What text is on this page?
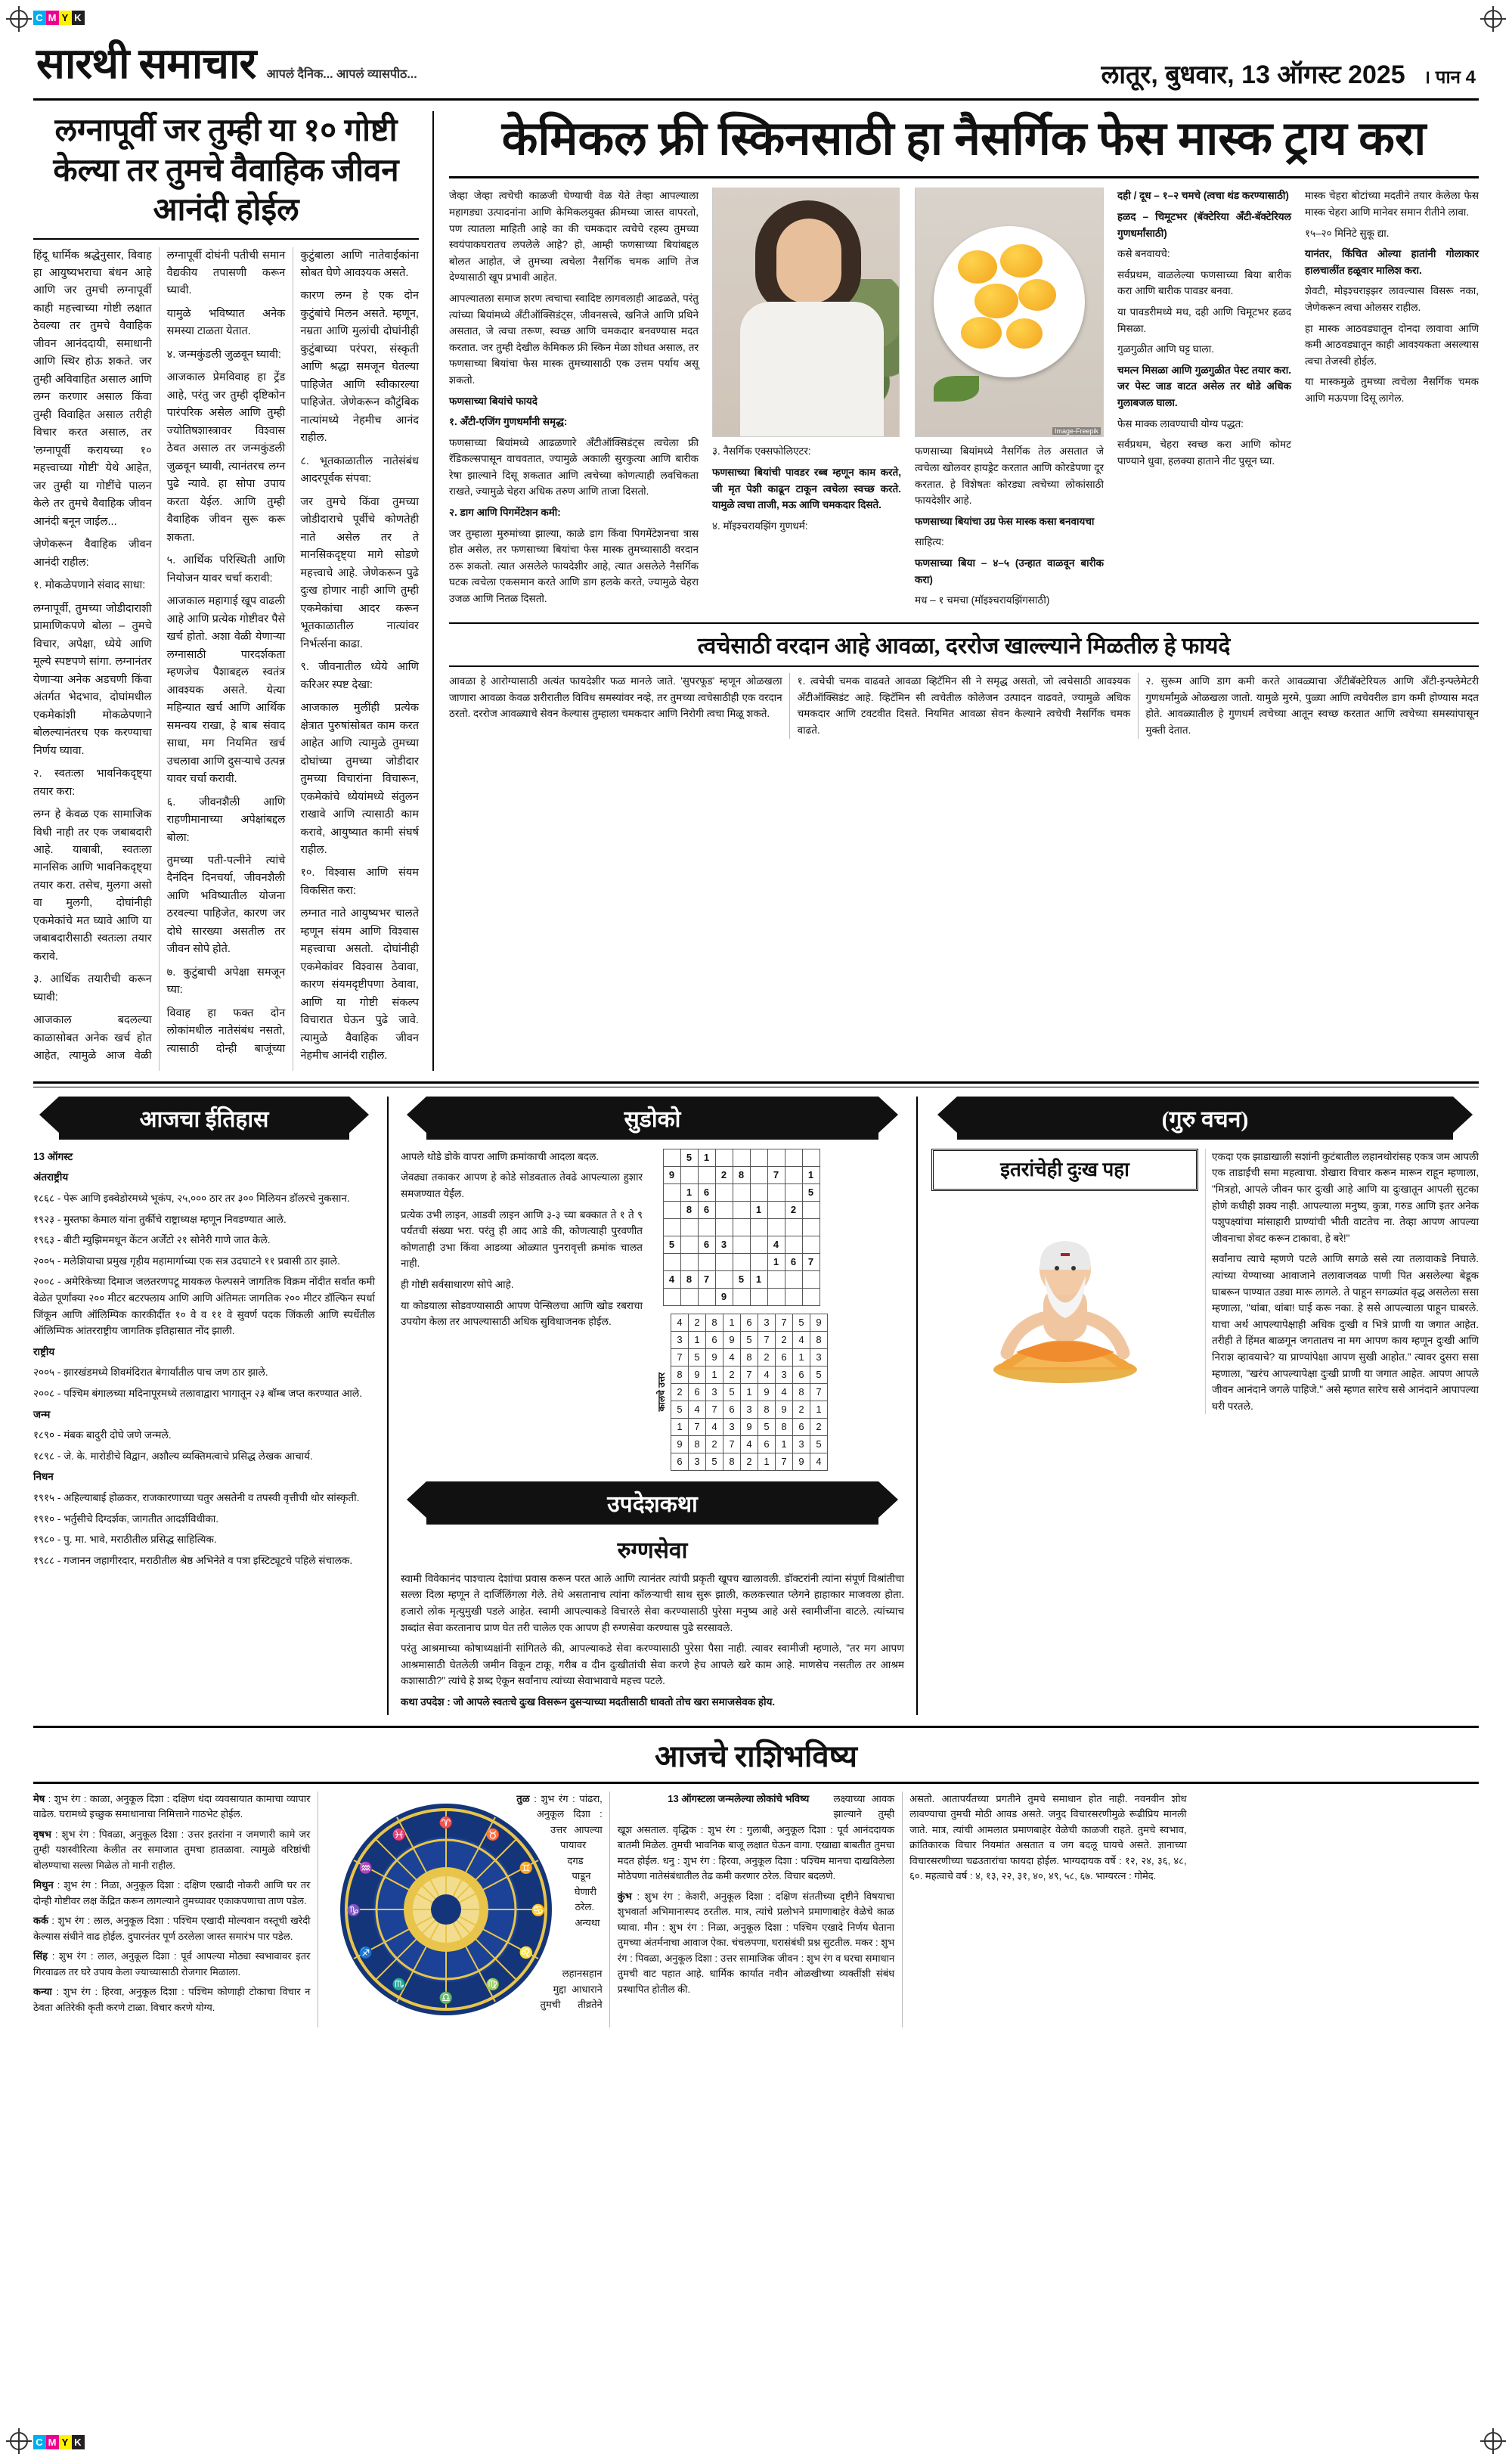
C M Y K
C M Y K
सारथी समाचार आपलं दैनिक... आपलं व्यासपीठ...	लातूर, बुधवार, 13 ऑगस्ट 2025 । पान 4
लग्नापूर्वी जर तुम्ही या १० गोष्टी केल्या तर तुमचे वैवाहिक जीवन आनंदी होईल

हिंदू धार्मिक श्रद्धेनुसार, विवाह हा आयुष्यभराचा बंधन आहे आणि जर तुमची लग्नापूर्वी काही महत्त्वाच्या गोष्टी लक्षात ठेवल्या तर तुमचे वैवाहिक जीवन आनंददायी, समाधानी आणि स्थिर होऊ शकते. जर तुम्ही अविवाहित असाल आणि लग्न करणार असाल किंवा तुम्ही विवाहित असाल तरीही विचार करत असाल, तर 'लग्नापूर्वी करायच्या १० महत्त्वाच्या गोष्टी' येथे आहेत, जर तुम्ही या गोष्टींचे पालन केले तर तुमचे वैवाहिक जीवन आनंदी बनून जाईल...

जेणेकरून वैवाहिक जीवन आनंदी राहील:

१. मोकळेपणाने संवाद साधा:

लग्नापूर्वी, तुमच्या जोडीदाराशी प्रामाणिकपणे बोला – तुमचे विचार, अपेक्षा, ध्येये आणि मूल्ये स्पष्टपणे सांगा. लग्नानंतर येणाऱ्या अनेक अडचणी किंवा अंतर्गत भेदभाव, दोघांमधील एकमेकांशी मोकळेपणाने बोलल्यानंतरच एक करण्याचा निर्णय घ्यावा.

२. स्वतःला भावनिकदृष्ट्या तयार करा:

लग्न हे केवळ एक सामाजिक विधी नाही तर एक जबाबदारी आहे. याबाबी, स्वतःला मानसिक आणि भावनिकदृष्ट्या तयार करा. तसेच, मुलगा असो वा मुलगी, दोघांनीही एकमेकांचे मत घ्यावे आणि या जबाबदारीसाठी स्वतःला तयार करावे.

३. आर्थिक तयारीची करून घ्यावी:

आजकाल बदलल्या काळासोबत अनेक खर्च होत आहेत, त्यामुळे आज वेळी लग्नापूर्वी दोघंनी पतीची समान वैद्यकीय तपासणी करून घ्यावी.

यामुळे भविष्यात अनेक समस्या टाळता येतात.

४. जन्मकुंडली जुळवून घ्यावी:

आजकाल प्रेमविवाह हा ट्रेंड आहे, परंतु जर तुम्ही दृष्टिकोन पारंपरिक असेल आणि तुम्ही ज्योतिषशास्त्रावर विश्वास ठेवत असाल तर जन्मकुंडली जुळवून घ्यावी, त्यानंतरच लग्न पुढे न्यावे. हा सोपा उपाय करता येईल. आणि तुम्ही वैवाहिक जीवन सुरू करू शकता.

५. आर्थिक परिस्थिती आणि नियोजन यावर चर्चा करावी:

आजकाल महागाई खूप वाढली आहे आणि प्रत्येक गोष्टीवर पैसे खर्च होतो. अशा वेळी येणाऱ्या लग्नासाठी पारदर्शकता म्हणजेच पैशाबद्दल स्वतंत्र आवश्यक असते. येत्या महिन्यात खर्च आणि आर्थिक समन्वय राखा, हे बाब संवाद साधा, मग नियमित खर्च उचलावा आणि दुसऱ्याचे उत्पन्न यावर चर्चा करावी.

६. जीवनशैली आणि राहणीमानाच्या अपेक्षांबद्दल बोला:

तुमच्या पती-पत्नीने त्यांचे दैनंदिन दिनचर्या, जीवनशैली आणि भविष्यातील योजना ठरवल्या पाहिजेत, कारण जर दोघे सारख्या असतील तर जीवन सोपे होते.

७. कुटुंबाची अपेक्षा समजून घ्या:

विवाह हा फक्त दोन लोकांमधील नातेसंबंध नसतो, त्यासाठी दोन्ही बाजूंच्या कुटुंबाला आणि नातेवाईकांना सोबत घेणे आवश्यक असते.

कारण लग्न हे एक दोन कुटुंबांचे मिलन असते. म्हणून, नम्रता आणि मुलांची दोघांनीही कुटुंबाच्या परंपरा, संस्कृती आणि श्रद्धा समजून घेतल्या पाहिजेत आणि स्वीकारल्या पाहिजेत. जेणेकरून कौटुंबिक नात्यांमध्ये नेहमीच आनंद राहील.

८. भूतकाळातील नातेसंबंध आदरपूर्वक संपवा:

जर तुमचे किंवा तुमच्या जोडीदाराचे पूर्वीचे कोणतेही नाते असेल तर ते मानसिकदृष्ट्या मागे सोडणे महत्त्वाचे आहे. जेणेकरून पुढे दुःख होणार नाही आणि तुम्ही एकमेकांचा आदर करून भूतकाळातील नात्यांवर निर्भर्त्सना काढा.

९. जीवनातील ध्येये आणि करिअर स्पष्ट देखा:

आजकाल मुलींही प्रत्येक क्षेत्रात पुरुषांसोबत काम करत आहेत आणि त्यामुळे तुमच्या दोघांच्या तुमच्या जोडीदार तुमच्या विचारांना विचारून, एकमेकांचे ध्येयांमध्ये संतुलन राखावे आणि त्यासाठी काम करावे, आयुष्यात कामी संघर्ष राहील.

१०. विश्वास आणि संयम विकसित करा:

लग्नात नाते आयुष्यभर चालते म्हणून संयम आणि विश्वास महत्त्वाचा असतो. दोघांनीही एकमेकांवर विश्वास ठेवावा, कारण संयमदृष्टीपणा ठेवावा, आणि या गोष्टी संकल्प विचारात घेऊन पुढे जावे. त्यामुळे वैवाहिक जीवन नेहमीच आनंदी राहील.

केमिकल फ्री स्किनसाठी हा नैसर्गिक फेस मास्क ट्राय करा

जेव्हा जेव्हा त्वचेची काळजी घेण्याची वेळ येते तेव्हा आपल्याला महागड्या उत्पादनांना आणि केमिकलयुक्त क्रीमच्या जास्त वापरतो, पण त्यातला माहिती आहे का की चमकदार त्वचेचे रहस्य तुमच्या स्वयंपाकघरातच लपलेले आहे? हो, आम्ही फणसाच्या बियांबद्दल बोलत आहोत, जे तुमच्या त्वचेला नैसर्गिक चमक आणि तेज देण्यासाठी खूप प्रभावी आहेत.

आपल्यातला समाज शरण त्वचाचा स्वादिष्ट लागवलाही आढळते, परंतु त्यांच्या बियांमध्ये अँटीऑक्सिडंट्स, जीवनसत्त्वे, खनिजे आणि प्रथिने असतात, जे त्वचा तरूण, स्वच्छ आणि चमकदार बनवण्यास मदत करतात. जर तुम्ही देखील केमिकल फ्री स्किन मेळा शोधत असाल, तर फणसाच्या बियांचा फेस मास्क तुमच्यासाठी एक उत्तम पर्याय असू शकतो.

फणसाच्या बियांचे फायदे

१. अँटी-एजिंग गुणधर्मांनी समृद्ध:

फणसाच्या बियांमध्ये आढळणारे अँटीऑक्सिडंट्स त्वचेला फ्री रॅडिकल्सपासून वाचवतात, ज्यामुळे अकाली सुरकुत्या आणि बारीक रेषा झाल्याने दिसू शकतात आणि त्वचेच्या कोणत्याही लवचिकता राखते, ज्यामुळे चेहरा अधिक तरुण आणि ताजा दिसतो.

२. डाग आणि पिगमेंटेशन कमी:

जर तुम्हाला मुरुमांच्या झाल्या, काळे डाग किंवा पिगमेंटेशनचा त्रास होत असेल, तर फणसाच्या बियांचा फेस मास्क तुमच्यासाठी वरदान ठरू शकतो. त्यात असलेले फायदेशीर आहे, त्यात असलेले नैसर्गिक घटक त्वचेला एकसमान करते आणि डाग हलके करते, ज्यामुळे चेहरा उजळ आणि नितळ दिसतो.

३. नैसर्गिक एक्सफोलिएटर:

फणसाच्या बियांची पावडर रब्ब म्हणून काम करते, जी मृत पेशी काढून टाकून त्वचेला स्वच्छ करते. यामुळे त्वचा ताजी, मऊ आणि चमकदार दिसते.

४. मॉइश्चरायझिंग गुणधर्म:

Image-Freepik

फणसाच्या बियांमध्ये नैसर्गिक तेल असतात जे त्वचेला खोलवर हायड्रेट करतात आणि कोरडेपणा दूर करतात. हे विशेषतः कोरड्या त्वचेच्या लोकांसाठी फायदेशीर आहे.

फणसाच्या बियांचा उग्र फेस मास्क कसा बनवायचा

साहित्य:

फणसाच्या बिया – ४–५ (उन्हात वाळवून बारीक करा)

मध – १ चमचा (मॉइश्चरायझिंगसाठी)

दही / दूध – १–२ चमचे (त्वचा थंड करण्यासाठी)

हळद – चिमूटभर (बॅक्टेरिया अँटी-बॅक्टेरियल गुणधर्मांसाठी)

कसे बनवायचे:

सर्वप्रथम, वाळलेल्या फणसाच्या बिया बारीक करा आणि बारीक पावडर बनवा.

या पावडरीमध्ये मध, दही आणि चिमूटभर हळद मिसळा.

गुळगुळीत आणि घट्ट घाला.

चमत्न मिसळा आणि गुळगुळीत पेस्ट तयार करा. जर पेस्ट जाड वाटत असेल तर थोडे अधिक गुलाबजल घाला.

फेस माक्क लावण्याची योग्य पद्धत:

सर्वप्रथम, चेहरा स्वच्छ करा आणि कोमट पाण्याने धुवा, हलक्या हाताने नीट पुसून घ्या.

मास्क चेहरा बोटांच्या मदतीने तयार केलेला फेस मास्क चेहरा आणि मानेवर समान रीतीने लावा.

१५–२० मिनिटे सुकू द्या.

यानंतर, किंचित ओल्या हातांनी गोलाकार हालचालींत हळूवार मालिश करा.

शेवटी, मोइश्चराइझर लावल्यास विसरू नका, जेणेकरून त्वचा ओलसर राहील.

हा मास्क आठवड्यातून दोनदा लावावा आणि कमी आठवड्यातून काही आवश्यकता असल्यास त्वचा तेजस्वी होईल.

या मास्कमुळे तुमच्या त्वचेला नैसर्गिक चमक आणि मऊपणा दिसू लागेल.

त्वचेसाठी वरदान आहे आवळा, दररोज खाल्ल्याने मिळतील हे फायदे

आवळा हे आरोग्यासाठी अत्यंत फायदेशीर फळ मानले जाते. 'सुपरफूड' म्हणून ओळखला जाणारा आवळा केवळ शरीरातील विविध समस्यांवर नव्हे, तर तुमच्या त्वचेसाठीही एक वरदान ठरतो. दररोज आवळ्याचे सेवन केल्यास तुम्हाला चमकदार आणि निरोगी त्वचा मिळू शकते.

१. त्वचेची चमक वाढवते आवळा व्हिटॅमिन सी ने समृद्ध असतो, जो त्वचेसाठी आवश्यक अँटीऑक्सिडंट आहे. व्हिटॅमिन सी त्वचेतील कोलेजन उत्पादन वाढवते, ज्यामुळे अधिक चमकदार आणि टवटवीत दिसते. नियमित आवळा सेवन केल्याने त्वचेची नैसर्गिक चमक वाढते.

२. सुरूम आणि डाग कमी करते आवळ्याचा अँटीबॅक्टेरियल आणि अँटी-इन्फ्लेमेटरी गुणधर्मांमुळे ओळखला जातो. यामुळे मुरमे, पुळ्या आणि त्वचेवरील डाग कमी होण्यास मदत होते. आवळ्यातील हे गुणधर्म त्वचेच्या आतून स्वच्छ करतात आणि त्वचेच्या समस्यांपासून मुक्ती देतात.

आजचा ईतिहास

13 ऑगस्ट

अंतराष्ट्रीय

१८६८ - पेरू आणि इक्वेडोरमध्ये भूकंप, २५,००० ठार तर ३०० मिलियन डॉलरचे नुकसान.

१९२३ - मुस्तफा केमाल यांना तुर्कीचे राष्ट्राध्यक्ष म्हणून निवडण्यात आले.

१९६३ - बीटी म्युझिममधून केंटन अर्जेंटो २१ सोनेरी गाणे जात केले.

२००५ - मलेशियाचा प्रमुख गृहीय महामार्गाच्या एक सत्र उदघाटने ११ प्रवासी ठार झाले.

२००८ - अमेरिकेच्या दिमाज जलतरणपटू मायकल फेल्पसने जागतिक विक्रम नोंदीत सर्वात कमी वेळेत पूर्णांक्या २०० मीटर बटरफ्लाय आणि आणि अंतिमतः जागतिक २०० मीटर डॉल्फिन स्पर्धा जिंकून आणि ऑलिम्पिक कारकीर्दीत १० वे व ११ वे सुवर्ण पदक जिंकली आणि स्पर्धेतील ऑलिम्पिक आंतरराष्ट्रीय जागतिक इतिहासात नोंद झाली.

राष्ट्रीय

२००५ - झारखंडमध्ये शिवमंदिरात बेगार्यांतील पाच जण ठार झाले.

२००८ - पश्चिम बंगालच्या मदिनापूरमध्ये तलावाद्वारा भागातून २३ बॉम्ब जप्त करण्यात आले.

जन्म

१८९० - मंबक बादुरी दोघे जणे जन्मले.

१८९८ - जे. के. मारोडीचे विद्वान, अशौल्य व्यक्तिमत्वाचे प्रसिद्ध लेखक आचार्य.

निधन

१९१५ - अहिल्याबाई होळकर, राजकारणाच्या चतुर असतेनी व तपस्वी वृत्तीची थोर सांस्कृती.

१९१० - भर्तुसीचे दिग्दर्शक, जागतीत आदर्शविधीका.

१९८० - पु. मा. भावे, मराठीतील प्रसिद्ध साहित्यिक.

१९८८ - गजानन जहागीरदार, मराठीतील श्रेष्ठ अभिनेते व पत्रा इस्टिट्यूटचे पहिले संचालक.

सुडोको

आपले थोडे डोके वापरा आणि क्रमांकाची आदला बदल.

जेवढ्या तकाकर आपण हे कोडे सोडवताल तेवढे आपल्याला हुशार समजण्यात येईल.

प्रत्येक उभी लाइन, आडवी लाइन आणि ३-३ च्या बक्कात ते १ ते ९ पर्यंतची संख्या भरा. परंतु ही आद आडे की, कोणत्याही पुरवणीत कोणताही उभा किंवा आडव्या ओळ्यात पुनरावृत्ती क्रमांक चालत नाही.

ही गोष्टी सर्वसाधारण सोपे आहे.

या कोडयाला सोडवण्यासाठी आपण पेन्सिलचा आणि खोड रबराचा उपयोग केला तर आपल्यासाठी अधिक सुविधाजनक होईल.

	5	1						
9			2	8		7		1
	1	6						5
	8	6			1		2	

5		6	3			4		
						1	6	7
4	8	7		5	1			
			9					
कालचे उत्तर
4	2	8	1	6	3	7	5	9
3	1	6	9	5	7	2	4	8
7	5	9	4	8	2	6	1	3
8	9	1	2	7	4	3	6	5
2	6	3	5	1	9	4	8	7
5	4	7	6	3	8	9	2	1
1	7	4	3	9	5	8	6	2
9	8	2	7	4	6	1	3	5
6	3	5	8	2	1	7	9	4
उपदेशकथा
रुग्णसेवा

स्वामी विवेकानंद पाश्चात्य देशांचा प्रवास करून परत आले आणि त्यानंतर त्यांची प्रकृती खूपच खालावली. डॉक्टरांनी त्यांना संपूर्ण विश्रांतीचा सल्ला दिला म्हणून ते दार्जिलिंगला गेले. तेथे असतानाच त्यांना कॉलऱ्याची साथ सुरू झाली, कलकत्त्यात प्लेगने हाहाकार माजवला होता. हजारो लोक मृत्युमुखी पडले आहेत. स्वामी आपल्याकडे विचारले सेवा करण्यासाठी पुरेसा मनुष्य आहे असे स्वामीजींना वाटले. त्यांच्याच शब्दांत सेवा करतानाच प्राण घेत तरी चालेल एक आपण ही रुग्णसेवा करण्यास पुढे सरसावले.

परंतु आश्रमाच्या कोषाध्यक्षांनी सांगितले की, आपल्याकडे सेवा करण्यासाठी पुरेसा पैसा नाही. त्यावर स्वामीजी म्हणाले, "तर मग आपण आश्रमासाठी घेतलेली जमीन विकून टाकू, गरीब व दीन दुःखीतांची सेवा करणे हेच आपले खरे काम आहे. माणसेच नसतील तर आश्रम कशासाठी?" त्यांचे हे शब्द ऐकून सर्वांनाच त्यांच्या सेवाभावाचे महत्त्व पटले.

कथा उपदेश : जो आपले स्वतःचे दुःख विसरून दुसऱ्याच्या मदतीसाठी धावतो तोच खरा समाजसेवक होय.

(गुरु वचन)
इतरांचेही दुःख पहा

एकदा एक झाडाखाली सशांनी कुटंबातील लहानथोरांसह एकत्र जम आपली एक ताडाईची समा महत्वाचा. शेखारा विचार करून मारून राहून म्हणाला, "मित्रहो, आपले जीवन फार दुःखी आहे आणि या दुःखातून आपली सुटका होणे कधीही शक्य नाही. आपल्याला मनुष्य, कुत्रा, गरुड आणि इतर अनेक पशुपक्ष्यांचा मांसाहारी प्राण्यांची भीती वाटतेच ना. तेव्हा आपण आपल्या जीवनाचा शेवट करून टाकावा, हे बरे!"

सर्वांनाच त्याचे म्हणणे पटले आणि सगळे ससे त्या तलावाकडे निघाले. त्यांच्या येण्याच्या आवाजाने तलावाजवळ पाणी पित असलेल्या बेडूक घाबरून पाण्यात उड्या मारू लागले. ते पाहून सगळ्यांत वृद्ध असलेला ससा म्हणाला, "थांबा, थांबा! घाई करू नका. हे ससे आपल्याला पाहून घाबरले. याचा अर्थ आपल्यापेक्षाही अधिक दुःखी व भित्रे प्राणी या जगात आहेत. तरीही ते हिंमत बाळगून जगतातच ना मग आपण काय म्हणून दुःखी आणि निराश व्हावयाचे? या प्राण्यांपेक्षा आपण सुखी आहोत." त्यावर दुसरा ससा म्हणाला, "खरंच आपल्यापेक्षा दुःखी प्राणी या जगात आहेत. आपण आपले जीवन आनंदाने जगले पाहिजे." असे म्हणत सारेच ससे आनंदाने आपापल्या घरी परतले.

आजचे राशिभविष्य

मेष : शुभ रंग : काळा, अनुकूल दिशा : दक्षिण धंदा व्यवसायात कामाचा व्यापार वाढेल. घरामध्ये इच्छुक समाधानाचा निमित्ताने गाठभेट होईल.

वृषभ : शुभ रंग : पिवळा, अनुकूल दिशा : उत्तर इतरांना न जमणारी कामे जर तुम्ही यशस्वीरित्या केलीत तर समाजात तुमचा हातळावा. त्यामुळे वरिष्ठांची बोलण्याचा सल्ला मिळेल तो मानी राहील.

मिथुन : शुभ रंग : निळा, अनुकूल दिशा : दक्षिण एखादी नोकरी आणि घर तर दोन्ही गोष्टीवर लक्ष केंद्रित करून लागल्याने तुमच्यावर एकाकपणाचा ताण पडेल.

कर्क : शुभ रंग : लाल, अनुकूल दिशा : पश्चिम एखादी मोल्यवान वस्तूची खरेदी केल्यास संधीने वाढ होईल. दुपारनंतर पूर्ण ठरलेला जास्त समारंभ पार पडेल.

सिंह : शुभ रंग : लाल, अनुकूल दिशा : पूर्व आपल्या मोठ्या स्वभावावर इतर गिरवाढल तर घरे उपाय केला ज्याच्यासाठी रोजगार मिळाला.

कन्या : शुभ रंग : हिरवा, अनुकूल दिशा : पश्चिम कोणाही टोकाचा विचार न ठेवता अतिरेकी कृती करणे टाळा. विचार करणे योग्य.

♈
♉
♊
♋
♌
♍
♎
♏
♐
♑
♒
♓
13 ऑगस्टला जन्मलेल्या लोकांचे भविष्य

तुळ : शुभ रंग : पांढरा, अनुकूल दिशा : उत्तर आपल्या पायावर दगड पाडून घेणारी ठरेल. अन्यथा लहानसहान मुद्दा आधाराने तुमची तीव्रतेने लक्ष्याच्या आवक झाल्याने तुम्ही खूश असताल. वृद्धिक : शुभ रंग : गुलाबी, अनुकूल दिशा : पूर्व आनंददायक बातमी मिळेल. तुमची भावनिक बाजू लक्षात घेऊन वागा. एखाद्या बाबतीत तुमचा मदत होईल. धनु : शुभ रंग : हिरवा, अनुकूल दिशा : पश्चिम मानचा दाखविलेला मोठेपणा नातेसंबंधातील तेढ कमी करणार ठरेल. विचार बदलणे.

कुंभ : शुभ रंग : केशरी, अनुकूल दिशा : दक्षिण संततीच्या दृष्टीने विषयाचा शुभवार्ता अभिमानास्पद ठरतील. मात्र, त्यांचे प्रलोभने प्रमाणाबाहेर वेळेचे काळ घ्यावा. मीन : शुभ रंग : निळा, अनुकूल दिशा : पश्चिम एखादे निर्णय घेताना तुमच्या अंतर्मनाचा आवाज ऐका. चंचलपणा, घरासंबंधी प्रश्न सुटतील. मकर : शुभ रंग : पिवळा, अनुकूल दिशा : उत्तर सामाजिक जीवन : शुभ रंग व घरचा समाधान तुमची वाट पहात आहे. धार्मिक कार्यात नवीन ओळखीच्या व्यक्तींशी संबंध प्रस्थापित होतील की.

असतो. आतापर्यंतच्या प्रगतीने तुमचे समाधान होत नाही. नवनवीन शोध लावण्याचा तुमची मोठी आवड असते. जनुद विचारसरणीमुळे रूढीप्रिय मानली जाते. मात्र, त्यांची आमलात प्रमाणबाहेर वेळेची काळजी राहते. तुमचे स्वभाव, क्रांतिकारक विचार नियमांत असतात व जग बदलू घायचे असते. ज्ञानाच्या विचारसरणीच्या चढउतारांचा फायदा होईल. भाग्यदायक वर्षे : १२, २४, ३६, ४८, ६०. महत्वाचे वर्ष : ४, १३, २२, ३१, ४०, ४९, ५८, ६७. भाग्यरत्न : गोमेद.
